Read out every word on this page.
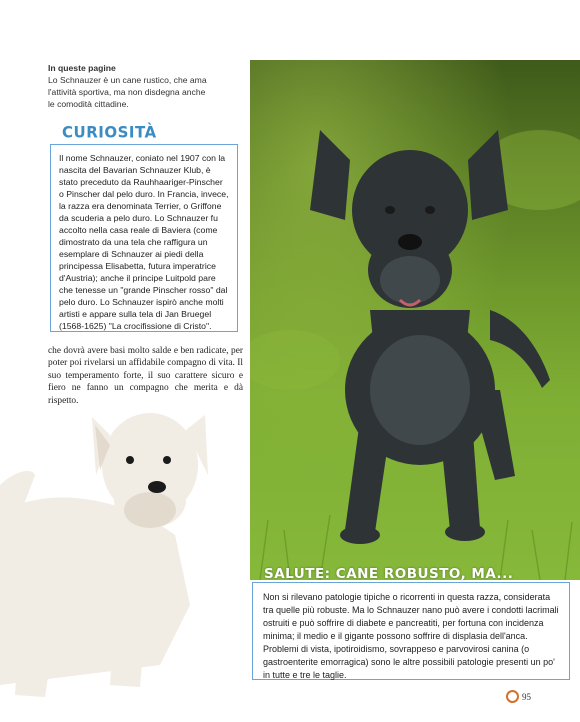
In queste pagine
Lo Schnauzer è un cane rustico, che ama l'attività sportiva, ma non disdegna anche le comodità cittadine.
CURIOSITÀ

Il nome Schnauzer, coniato nel 1907 con la nascita del Bavarian Schnauzer Klub, è stato preceduto da Rauhhaariger-Pinscher o Pinscher dal pelo duro. In Francia, invece, la razza era denominata Terrier, o Griffone da scuderia a pelo duro. Lo Schnauzer fu accolto nella casa reale di Baviera (come dimostrato da una tela che raffigura un esemplare di Schnauzer ai piedi della principessa Elisabetta, futura imperatrice d'Austria); anche il principe Luitpold pare che tenesse un "grande Pinscher rosso" dal pelo duro. Lo Schnauzer ispirò anche molti artisti e appare sulla tela di Jan Bruegel (1568-1625) "La crocifissione di Cristo".

che dovrà avere basi molto salde e ben radicate, per poter poi rivelarsi un affidabile compagno di vita. Il suo temperamento forte, il suo carattere sicuro e fiero ne fanno un compagno che merita e dà rispetto.

SALUTE: CANE ROBUSTO, MA...

Non si rilevano patologie tipiche o ricorrenti in questa razza, considerata tra quelle più robuste. Ma lo Schnauzer nano può avere i condotti lacrimali ostruiti e può soffrire di diabete e pancreatiti, per fortuna con incidenza minima; il medio e il gigante possono soffrire di displasia dell'anca. Problemi di vista, ipotiroidismo, sovrappeso e parvovirosi canina (o gastroenterite emorragica) sono le altre possibili patologie presenti un po' in tutte e tre le taglie.

95
